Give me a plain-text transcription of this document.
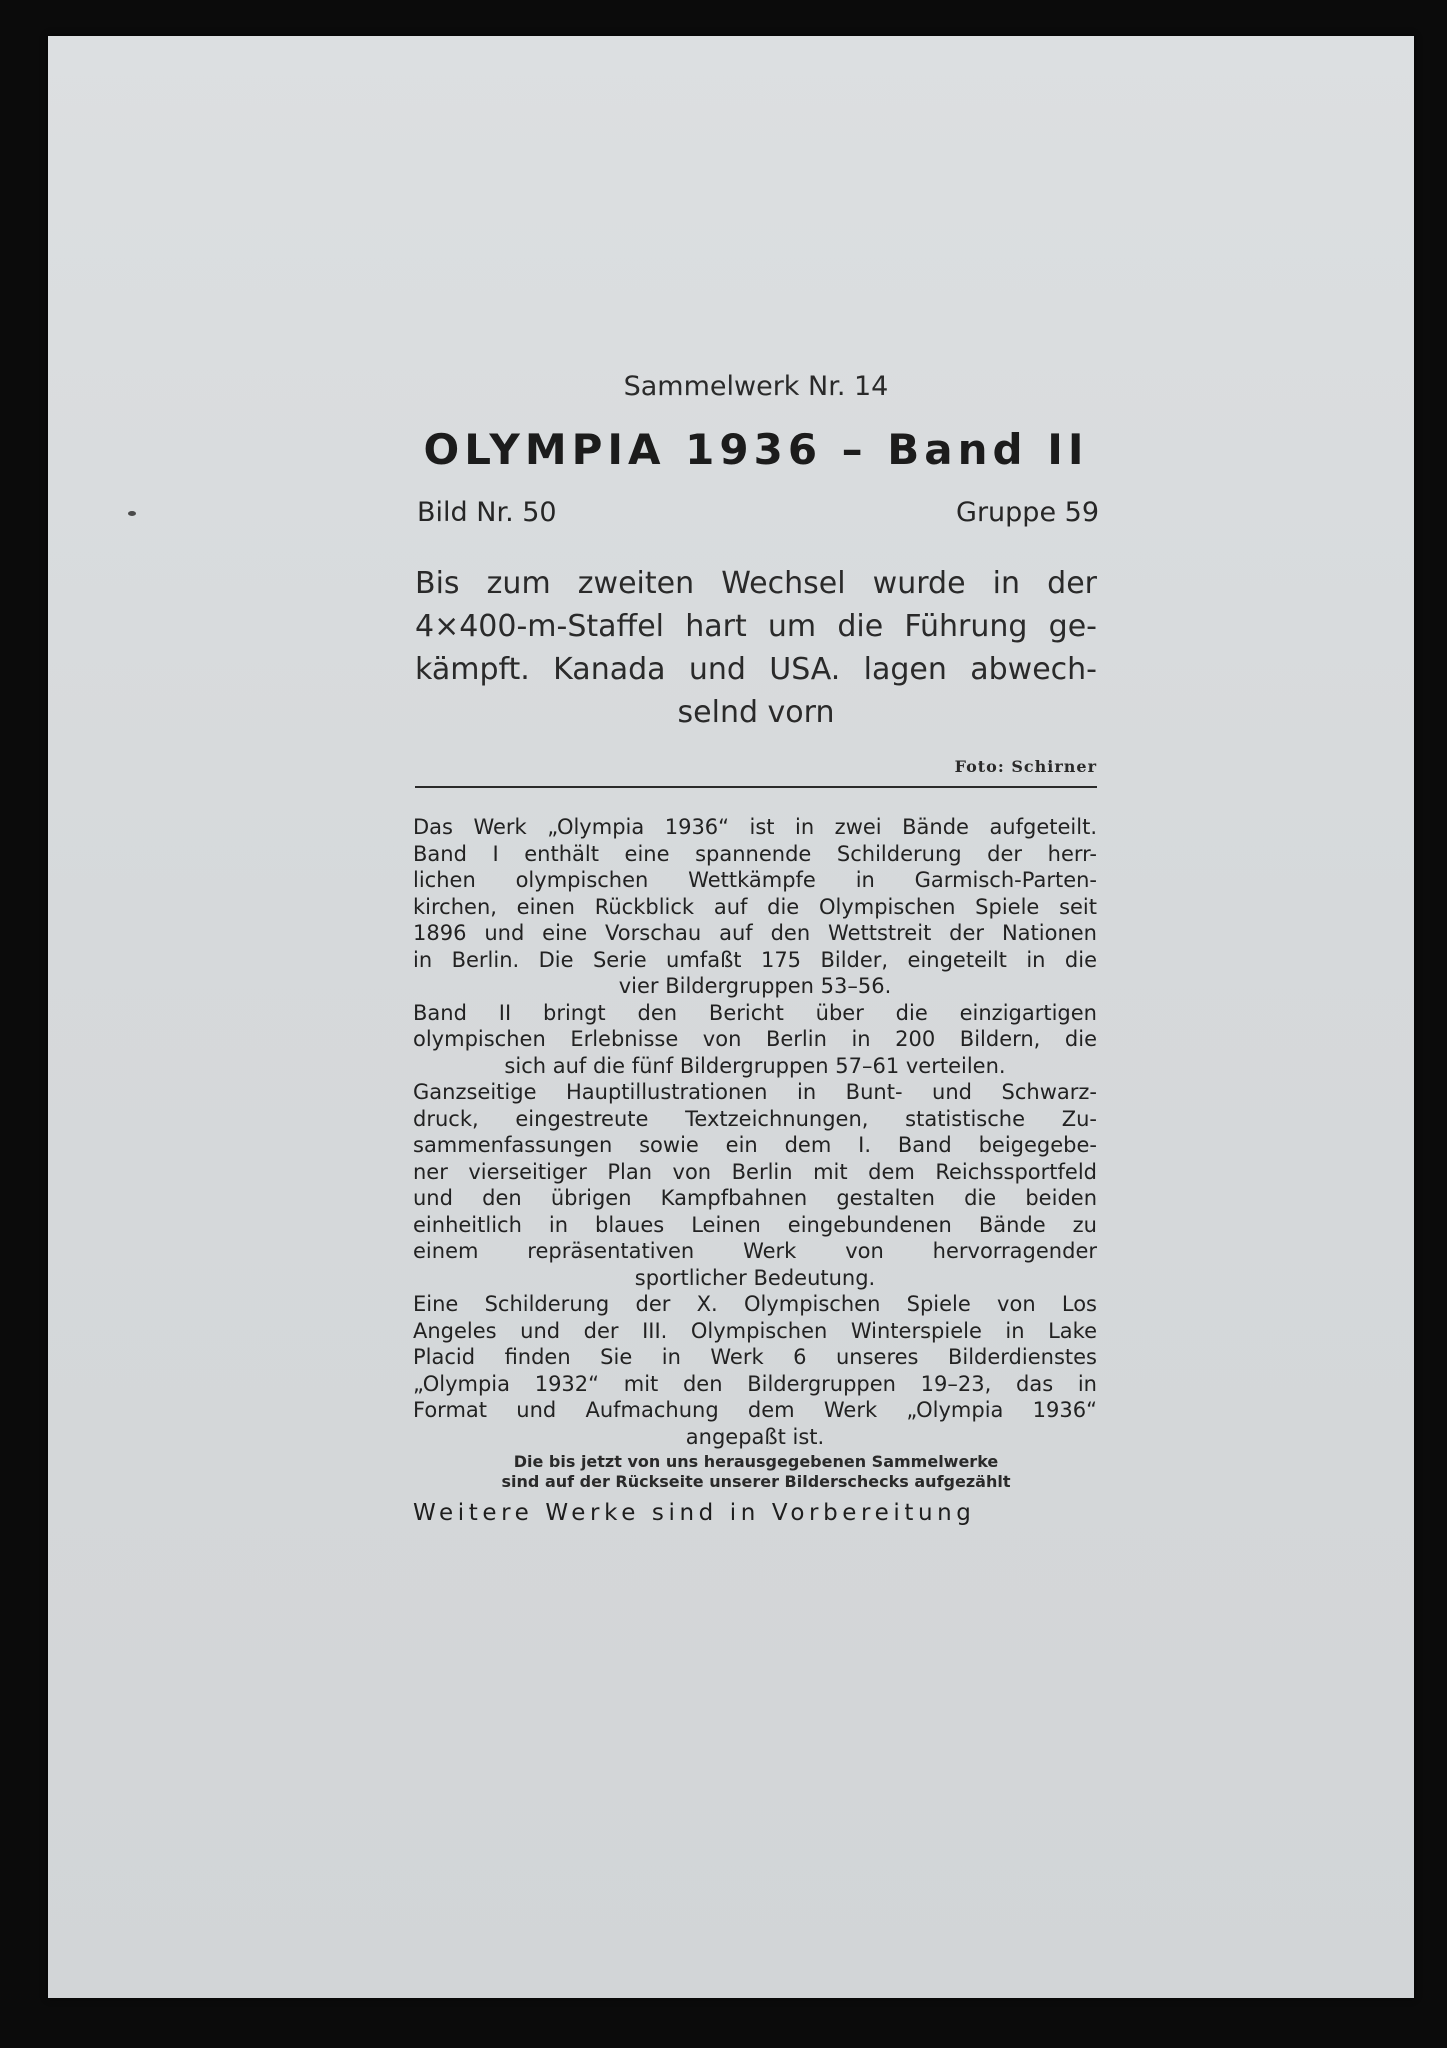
Sammelwerk Nr. 14
OLYMPIA 1936 – Band II
Bild Nr. 50	Gruppe 59
Bis zum zweiten Wechsel wurde in der
4×400-m-Staffel hart um die Führung ge-
kämpft. Kanada und USA. lagen abwech-
selnd vorn
Foto: Schirner
Das Werk „Olympia 1936“ ist in zwei Bände aufgeteilt.
Band I enthält eine spannende Schilderung der herr-
lichen olympischen Wettkämpfe in Garmisch-Parten-
kirchen, einen Rückblick auf die Olympischen Spiele seit
1896 und eine Vorschau auf den Wettstreit der Nationen
in Berlin. Die Serie umfaßt 175 Bilder, eingeteilt in die
vier Bildergruppen 53–56.
Band II bringt den Bericht über die einzigartigen
olympischen Erlebnisse von Berlin in 200 Bildern, die
sich auf die fünf Bildergruppen 57–61 verteilen.
Ganzseitige Hauptillustrationen in Bunt- und Schwarz-
druck, eingestreute Textzeichnungen, statistische Zu-
sammenfassungen sowie ein dem I. Band beigegebe-
ner vierseitiger Plan von Berlin mit dem Reichssportfeld
und den übrigen Kampfbahnen gestalten die beiden
einheitlich in blaues Leinen eingebundenen Bände zu
einem repräsentativen Werk von hervorragender
sportlicher Bedeutung.
Eine Schilderung der X. Olympischen Spiele von Los
Angeles und der III. Olympischen Winterspiele in Lake
Placid finden Sie in Werk 6 unseres Bilderdienstes
„Olympia 1932“ mit den Bildergruppen 19–23, das in
Format und Aufmachung dem Werk „Olympia 1936“
angepaßt ist.
Die bis jetzt von uns herausgegebenen Sammelwerke
sind auf der Rückseite unserer Bilderschecks aufgezählt
Weitere Werke sind in Vorbereitung
